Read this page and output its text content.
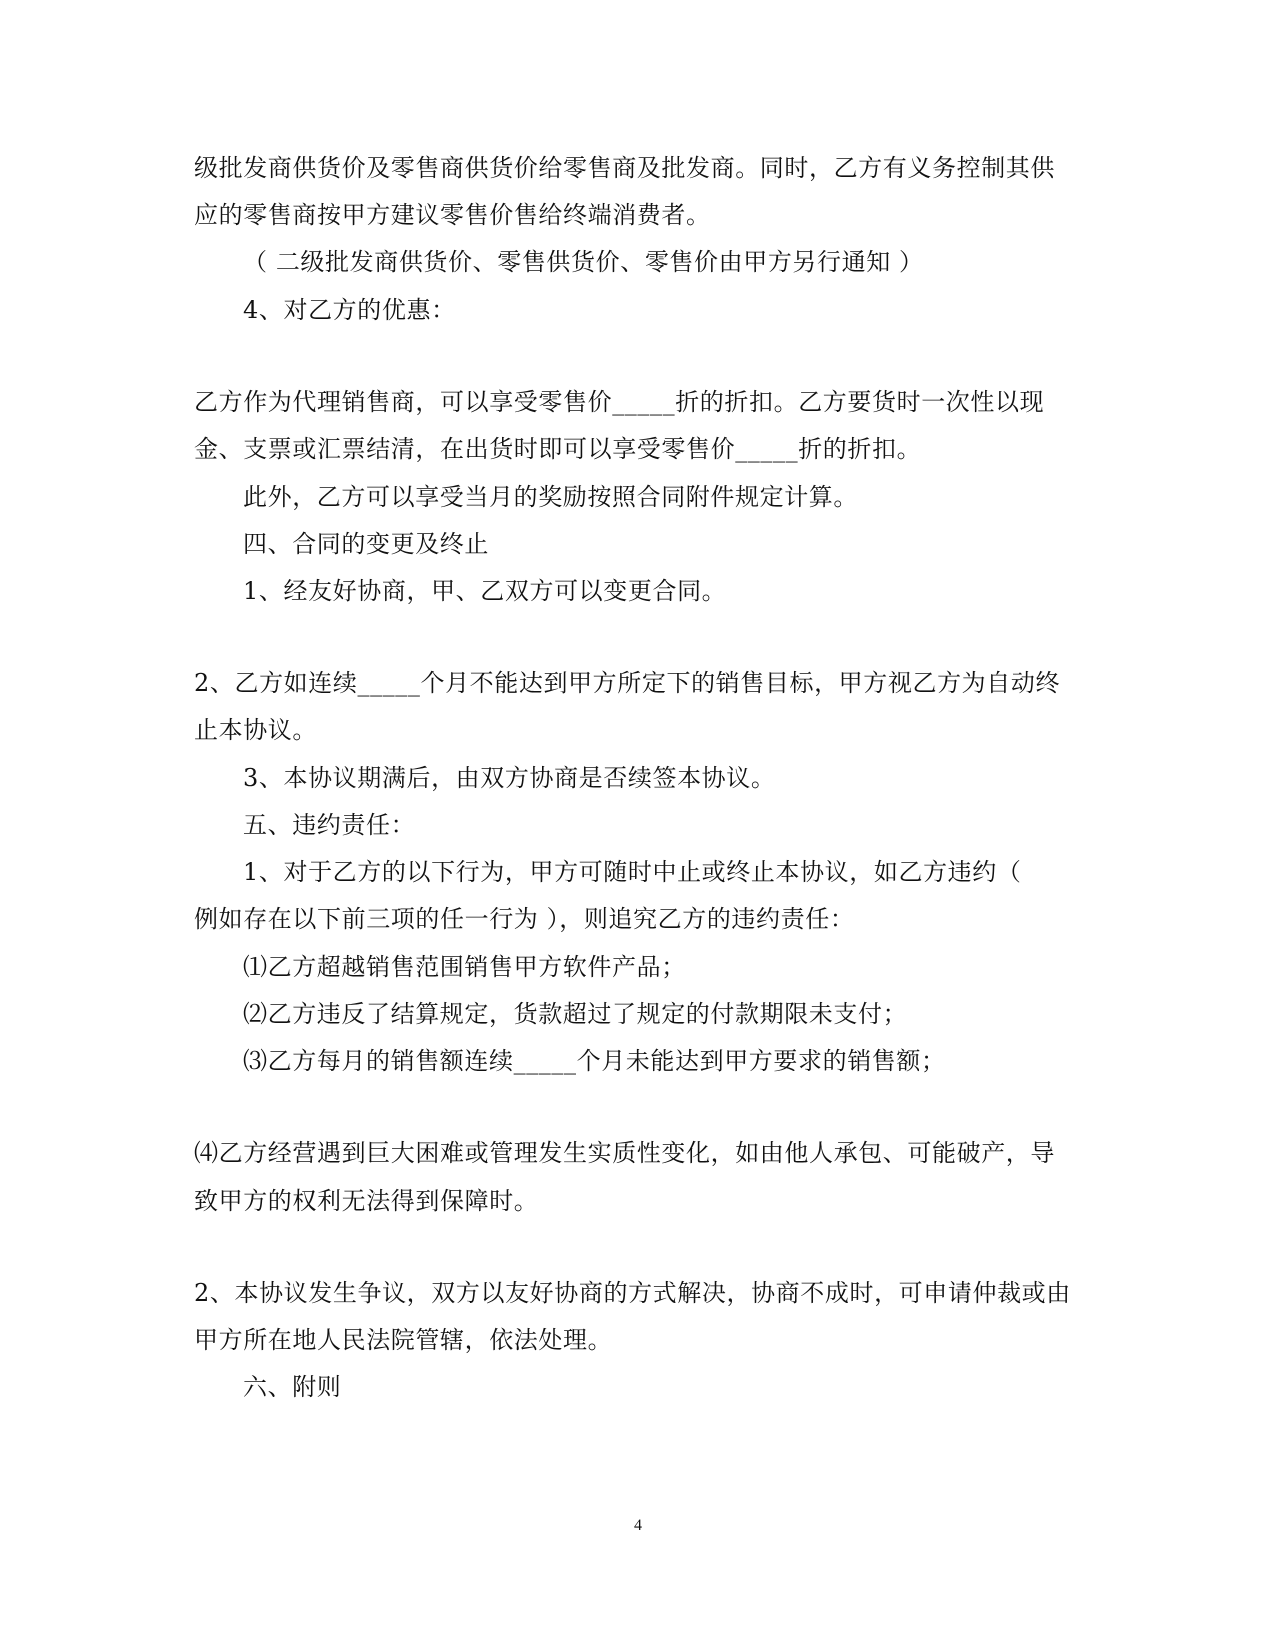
级批发商供货价及零售商供货价给零售商及批发商。同时，乙方有义务控制其供
应的零售商按甲方建议零售价售给终端消费者。
（ 二级批发商供货价、零售供货价、零售价由甲方另行通知 ）
4、对乙方的优惠：
乙方作为代理销售商，可以享受零售价_____折的折扣。乙方要货时一次性以现
金、支票或汇票结清，在出货时即可以享受零售价_____折的折扣。
此外，乙方可以享受当月的奖励按照合同附件规定计算。
四、合同的变更及终止
1、经友好协商，甲、乙双方可以变更合同。
2、乙方如连续_____个月不能达到甲方所定下的销售目标，甲方视乙方为自动终
止本协议。
3、本协议期满后，由双方协商是否续签本协议。
五、违约责任：
1、对于乙方的以下行为，甲方可随时中止或终止本协议，如乙方违约（
例如存在以下前三项的任一行为 ），则追究乙方的违约责任：
⑴乙方超越销售范围销售甲方软件产品；
⑵乙方违反了结算规定，货款超过了规定的付款期限未支付；
⑶乙方每月的销售额连续_____个月未能达到甲方要求的销售额；
⑷乙方经营遇到巨大困难或管理发生实质性变化，如由他人承包、可能破产，导
致甲方的权利无法得到保障时。
2、本协议发生争议，双方以友好协商的方式解决，协商不成时，可申请仲裁或由
甲方所在地人民法院管辖，依法处理。
六、附则
4
